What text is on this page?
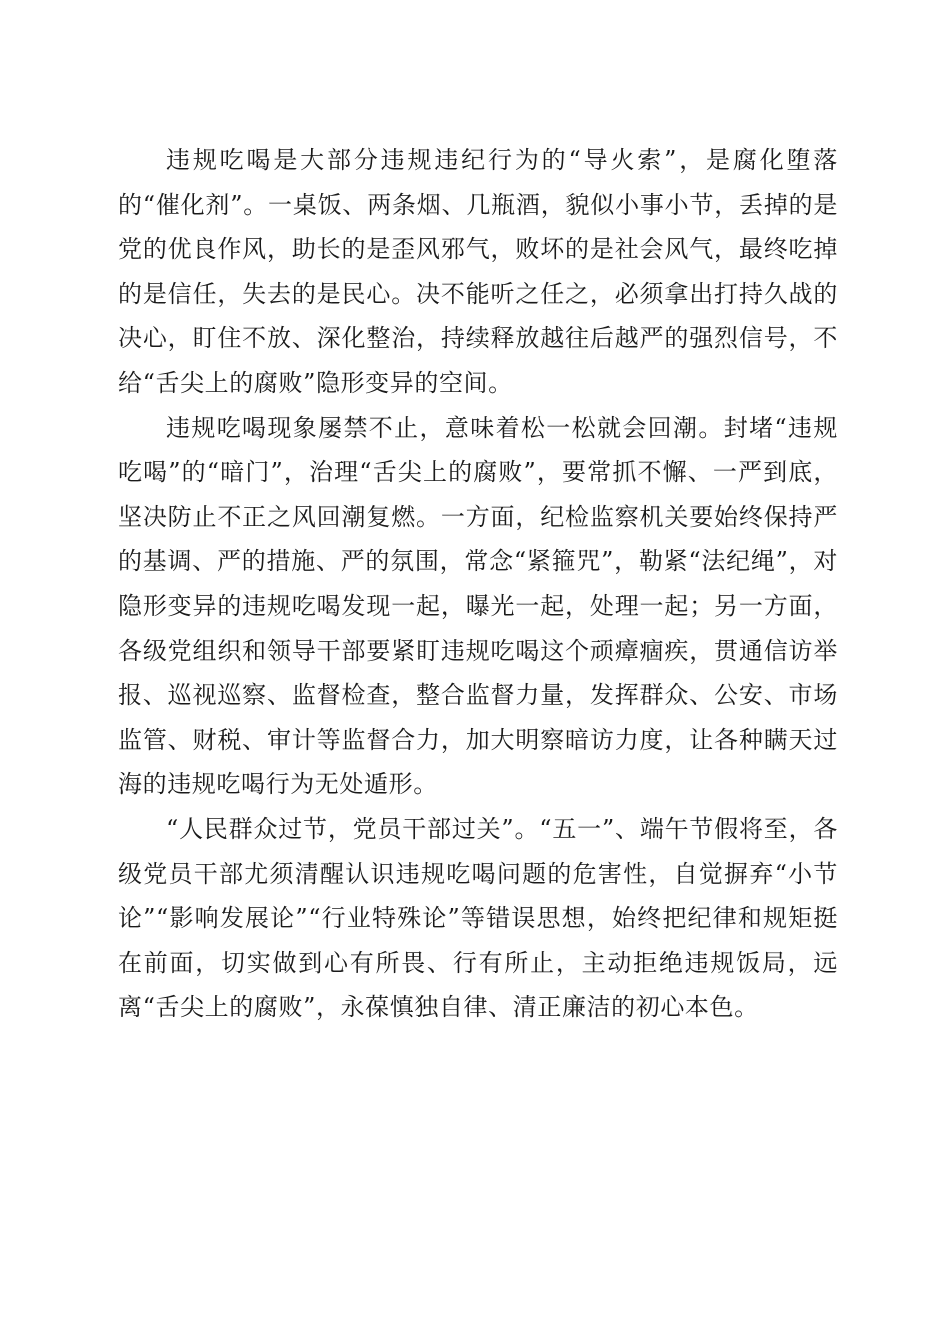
违规吃喝是大部分违规违纪行为的“导火索”，是腐化堕落的“催化剂”。一桌饭、两条烟、几瓶酒，貌似小事小节，丢掉的是党的优良作风，助长的是歪风邪气，败坏的是社会风气，最终吃掉的是信任，失去的是民心。决不能听之任之，必须拿出打持久战的决心，盯住不放、深化整治，持续释放越往后越严的强烈信号，不给“舌尖上的腐败”隐形变异的空间。

违规吃喝现象屡禁不止，意味着松一松就会回潮。封堵“违规吃喝”的“暗门”，治理“舌尖上的腐败”，要常抓不懈、一严到底，坚决防止不正之风回潮复燃。一方面，纪检监察机关要始终保持严的基调、严的措施、严的氛围，常念“紧箍咒”，勒紧“法纪绳”，对隐形变异的违规吃喝发现一起，曝光一起，处理一起；另一方面，各级党组织和领导干部要紧盯违规吃喝这个顽瘴痼疾，贯通信访举报、巡视巡察、监督检查，整合监督力量，发挥群众、公安、市场监管、财税、审计等监督合力，加大明察暗访力度，让各种瞒天过海的违规吃喝行为无处遁形。

“人民群众过节，党员干部过关”。“五一”、端午节假将至，各级党员干部尤须清醒认识违规吃喝问题的危害性，自觉摒弃“小节论”“影响发展论”“行业特殊论”等错误思想，始终把纪律和规矩挺在前面，切实做到心有所畏、行有所止，主动拒绝违规饭局，远离“舌尖上的腐败”，永葆慎独自律、清正廉洁的初心本色。
